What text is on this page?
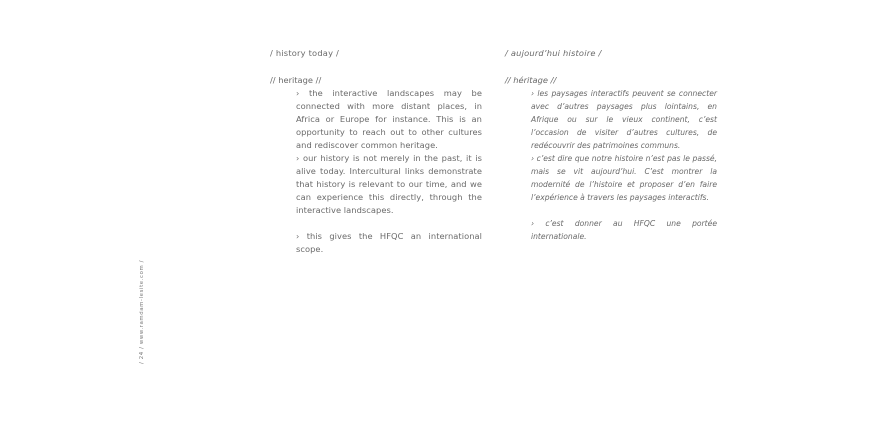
/ history today /
// heritage //

› the interactive landscapes may be connected with more distant places, in Africa or Europe for instance. This is an opportunity to reach out to other cultures and rediscover common heritage.

› our history is not merely in the past, it is alive today. Intercultural links demonstrate that history is relevant to our time, and we can experience this directly, through the interactive landscapes.

› this gives the HFQC an international scope.

/ aujourd’hui histoire /
// héritage //

› les paysages interactifs peuvent se connecter avec d’autres paysages plus lointains, en Afrique ou sur le vieux continent, c’est l’occasion de visiter d’autres cultures, de redécouvrir des patrimoines communs.

› c’est dire que notre histoire n’est pas le passé, mais se vit aujourd’hui. C’est montrer la modernité de l’histoire et proposer d’en faire l’expérience à travers les paysages interactifs.

› c’est donner au HFQC une portée internationale.

/ 24 / www.ramdam-lesite.com /
